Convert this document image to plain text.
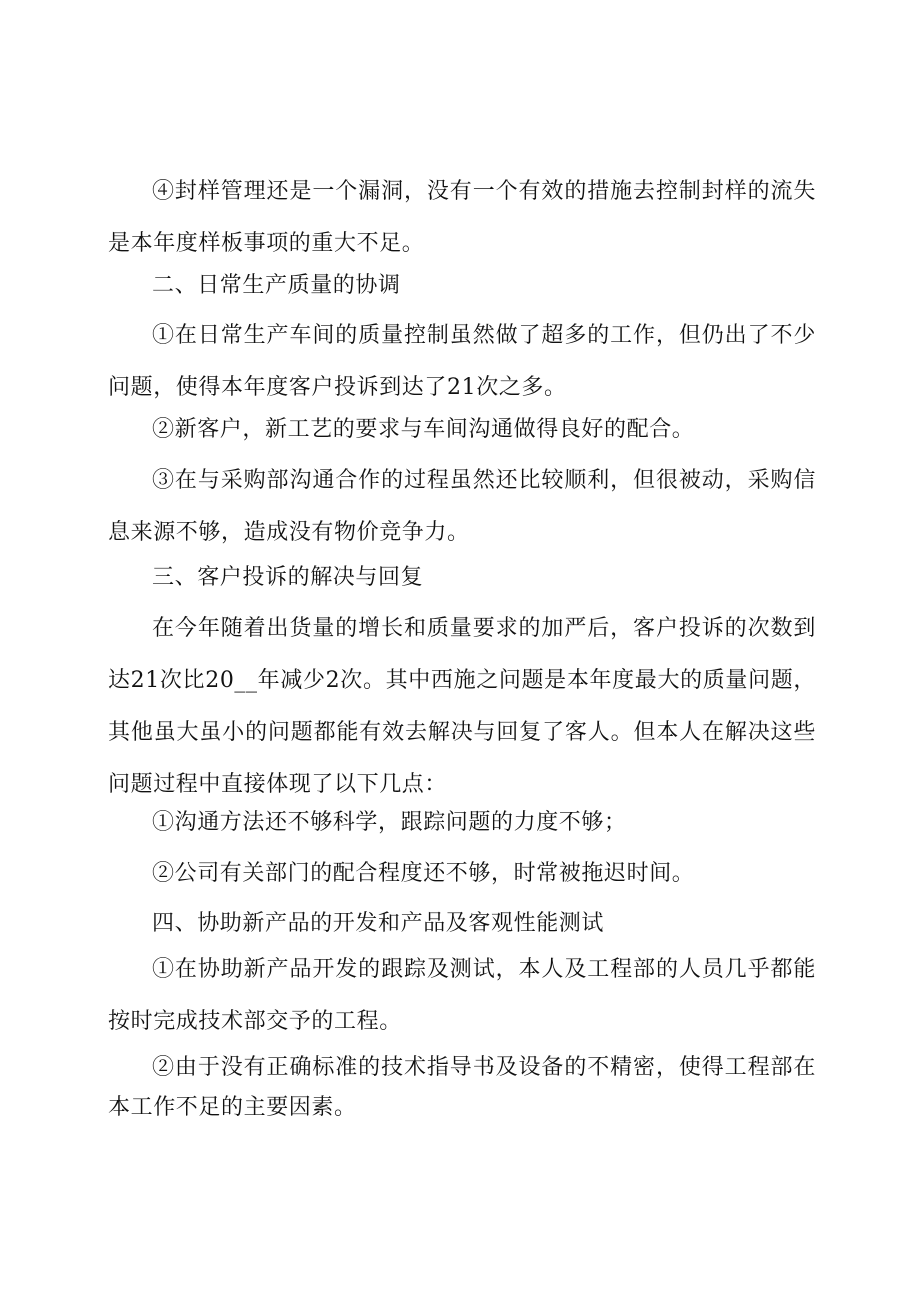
④封样管理还是一个漏洞，没有一个有效的措施去控制封样的流失是本年度样板事项的重大不足。

二、日常生产质量的协调

①在日常生产车间的质量控制虽然做了超多的工作，但仍出了不少问题，使得本年度客户投诉到达了21次之多。

②新客户，新工艺的要求与车间沟通做得良好的配合。

③在与采购部沟通合作的过程虽然还比较顺利，但很被动，采购信息来源不够，造成没有物价竞争力。

三、客户投诉的解决与回复

在今年随着出货量的增长和质量要求的加严后，客户投诉的次数到达21次比20__年减少2次。其中西施之问题是本年度最大的质量问题，其他虽大虽小的问题都能有效去解决与回复了客人。但本人在解决这些问题过程中直接体现了以下几点：

①沟通方法还不够科学，跟踪问题的力度不够；

②公司有关部门的配合程度还不够，时常被拖迟时间。

四、协助新产品的开发和产品及客观性能测试

①在协助新产品开发的跟踪及测试，本人及工程部的人员几乎都能按时完成技术部交予的工程。

②由于没有正确标准的技术指导书及设备的不精密，使得工程部在本工作不足的主要因素。
